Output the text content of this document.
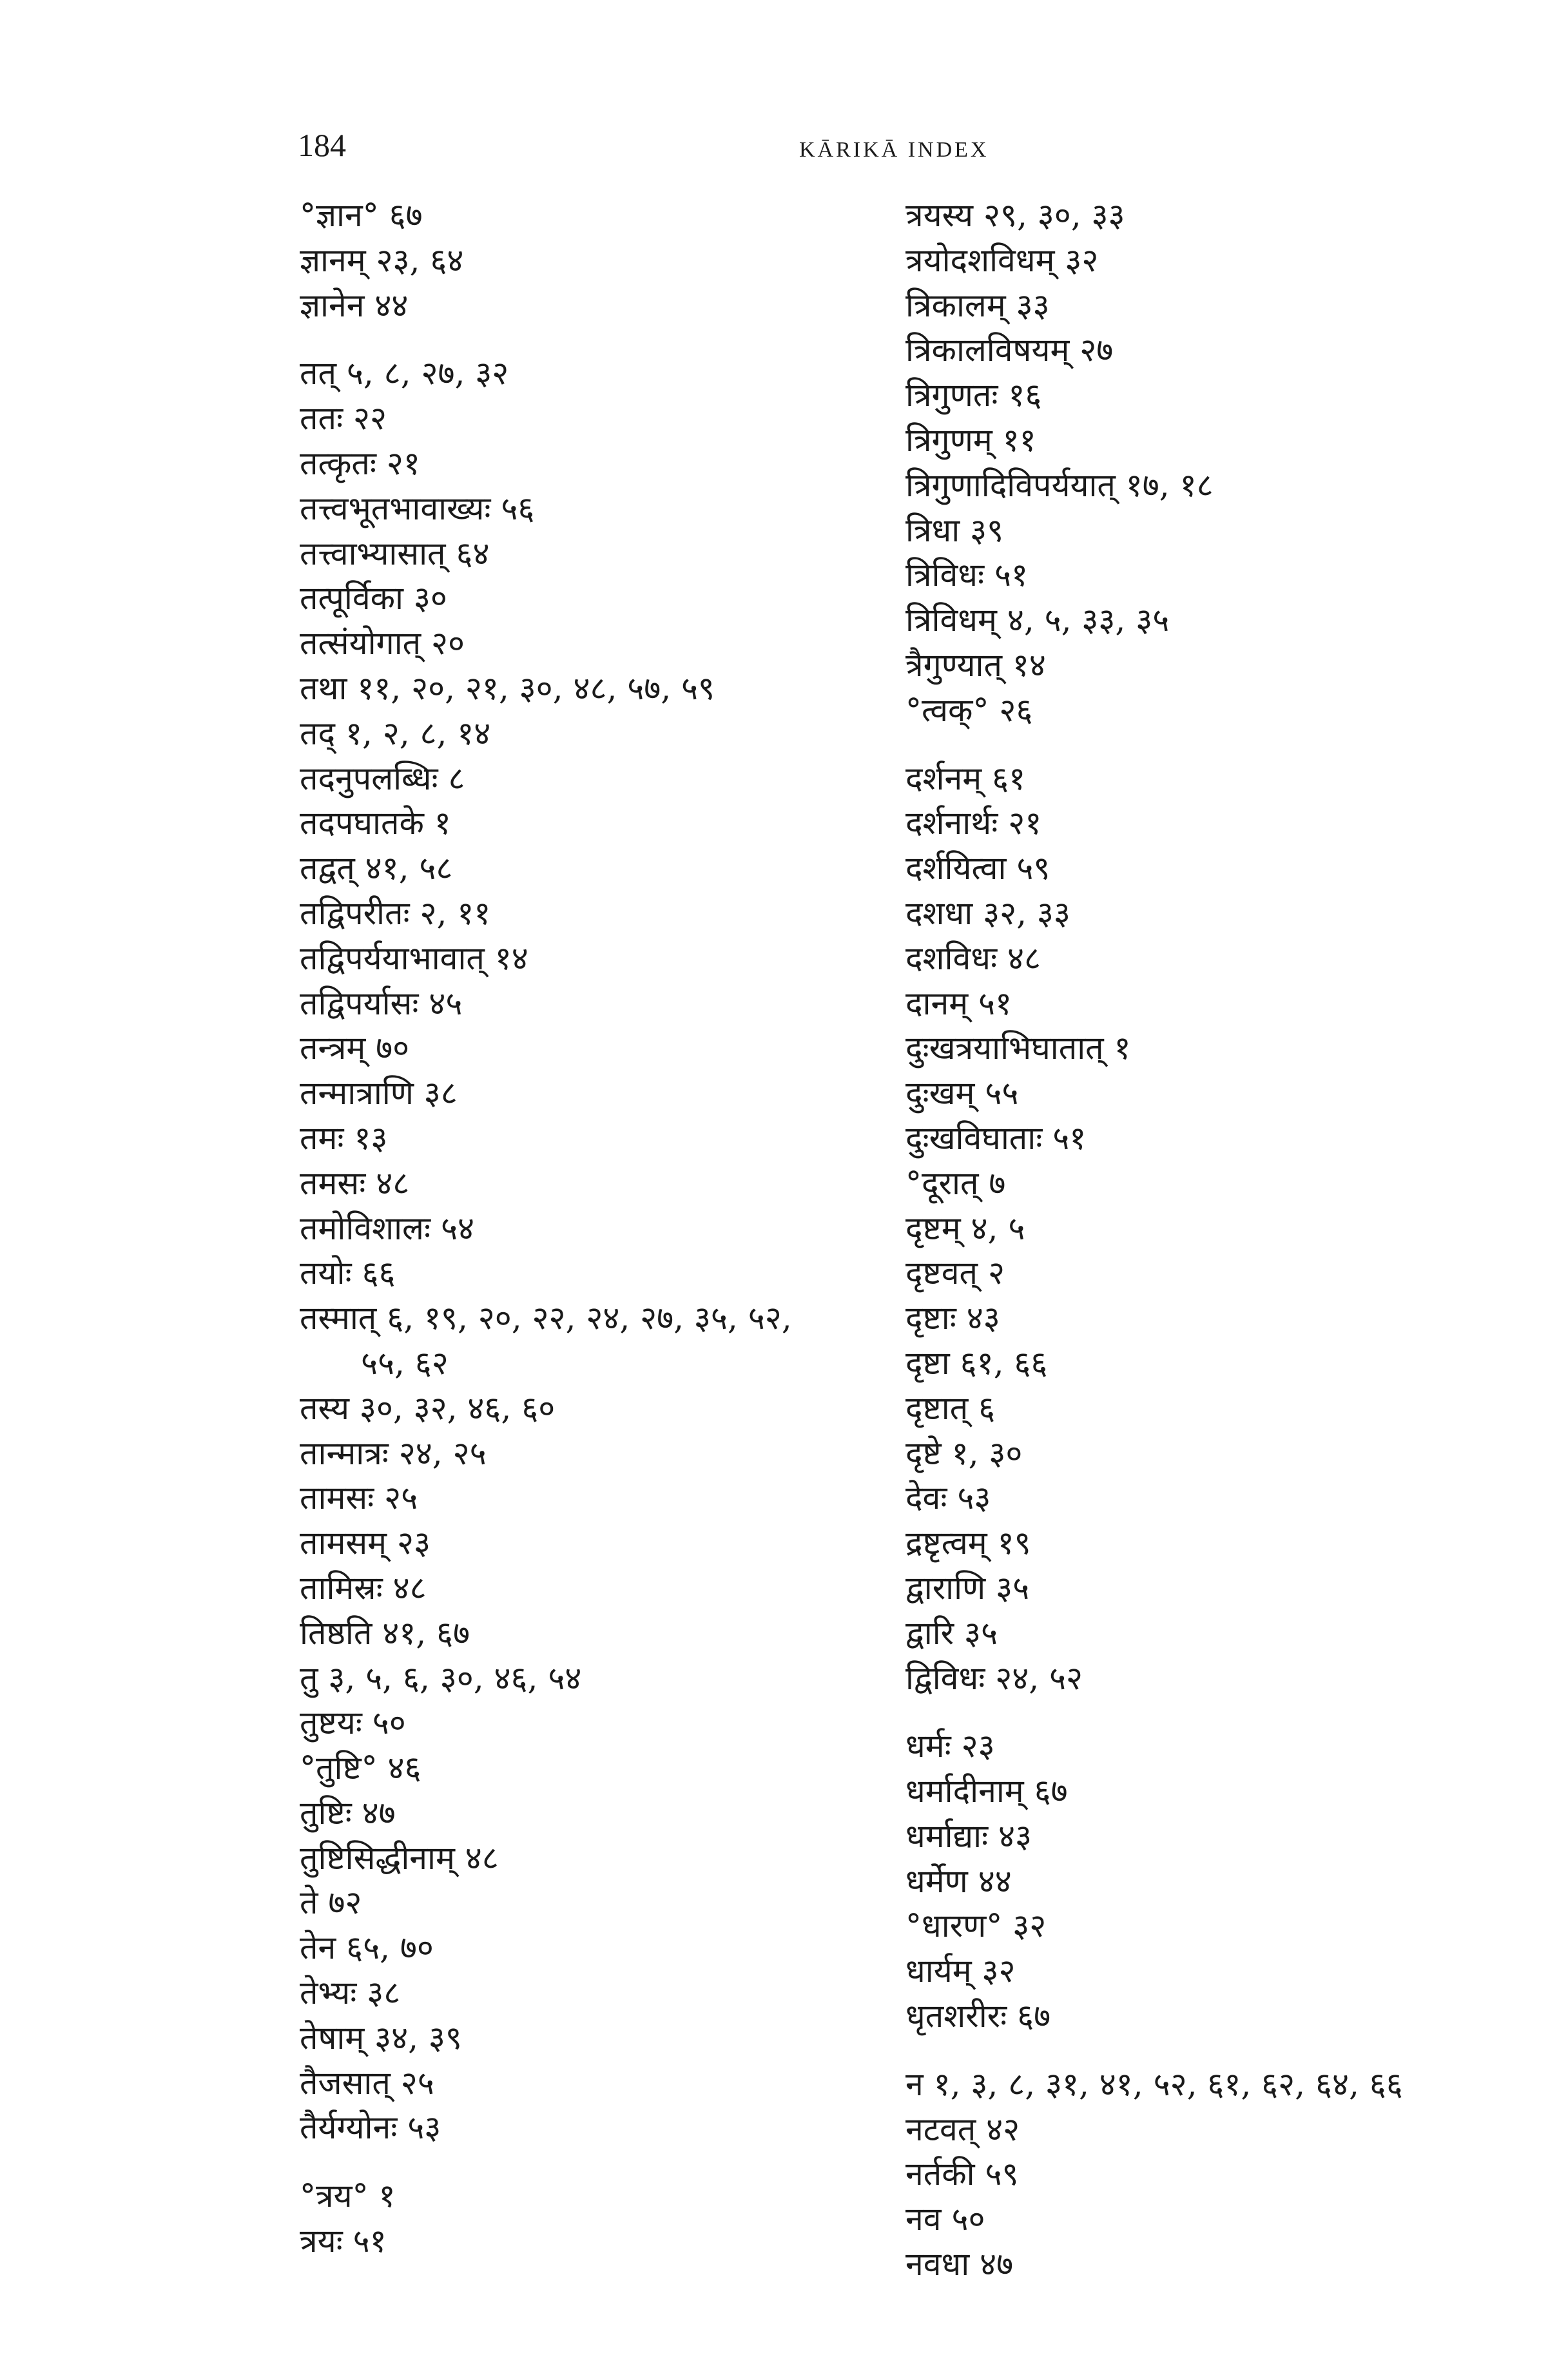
184	KĀRIKĀ INDEX
°ज्ञान° ६७
ज्ञानम् २३, ६४
ज्ञानेन ४४
तत् ५, ८, २७, ३२
ततः २२
तत्कृतः २१
तत्त्वभूतभावाख्यः ५६
तत्त्वाभ्यासात् ६४
तत्पूर्विका ३०
तत्संयोगात् २०
तथा ११, २०, २१, ३०, ४८, ५७, ५९
तद् १, २, ८, १४
तदनुपलब्धिः ८
तदपघातके १
तद्वत् ४१, ५८
तद्विपरीतः २, ११
तद्विपर्ययाभावात् १४
तद्विपर्यासः ४५
तन्त्रम् ७०
तन्मात्राणि ३८
तमः १३
तमसः ४८
तमोविशालः ५४
तयोः ६६
तस्मात् ६, १९, २०, २२, २४, २७, ३५, ५२,
५५, ६२
तस्य ३०, ३२, ४६, ६०
तान्मात्रः २४, २५
तामसः २५
तामसम् २३
तामिस्रः ४८
तिष्ठति ४१, ६७
तु ३, ५, ६, ३०, ४६, ५४
तुष्टयः ५०
°तुष्टि° ४६
तुष्टिः ४७
तुष्टिसिद्धीनाम् ४८
ते ७२
तेन ६५, ७०
तेभ्यः ३८
तेषाम् ३४, ३९
तैजसात् २५
तैर्यग्योनः ५३
°त्रय° १
त्रयः ५१
त्रयस्य २९, ३०, ३३
त्रयोदशविधम् ३२
त्रिकालम् ३३
त्रिकालविषयम् २७
त्रिगुणतः १६
त्रिगुणम् ११
त्रिगुणादिविपर्ययात् १७, १८
त्रिधा ३९
त्रिविधः ५१
त्रिविधम् ४, ५, ३३, ३५
त्रैगुण्यात् १४
°त्वक्° २६
दर्शनम् ६१
दर्शनार्थः २१
दर्शयित्वा ५९
दशधा ३२, ३३
दशविधः ४८
दानम् ५१
दुःखत्रयाभिघातात् १
दुःखम् ५५
दुःखविघाताः ५१
°दूरात् ७
दृष्टम् ४, ५
दृष्टवत् २
दृष्टाः ४३
दृष्टा ६१, ६६
दृष्टात् ६
दृष्टे १, ३०
देवः ५३
द्रष्टृत्वम् १९
द्वाराणि ३५
द्वारि ३५
द्विविधः २४, ५२
धर्मः २३
धर्मादीनाम् ६७
धर्माद्याः ४३
धर्मेण ४४
°धारण° ३२
धार्यम् ३२
धृतशरीरः ६७
न १, ३, ८, ३१, ४१, ५२, ६१, ६२, ६४, ६६
नटवत् ४२
नर्तकी ५९
नव ५०
नवधा ४७
